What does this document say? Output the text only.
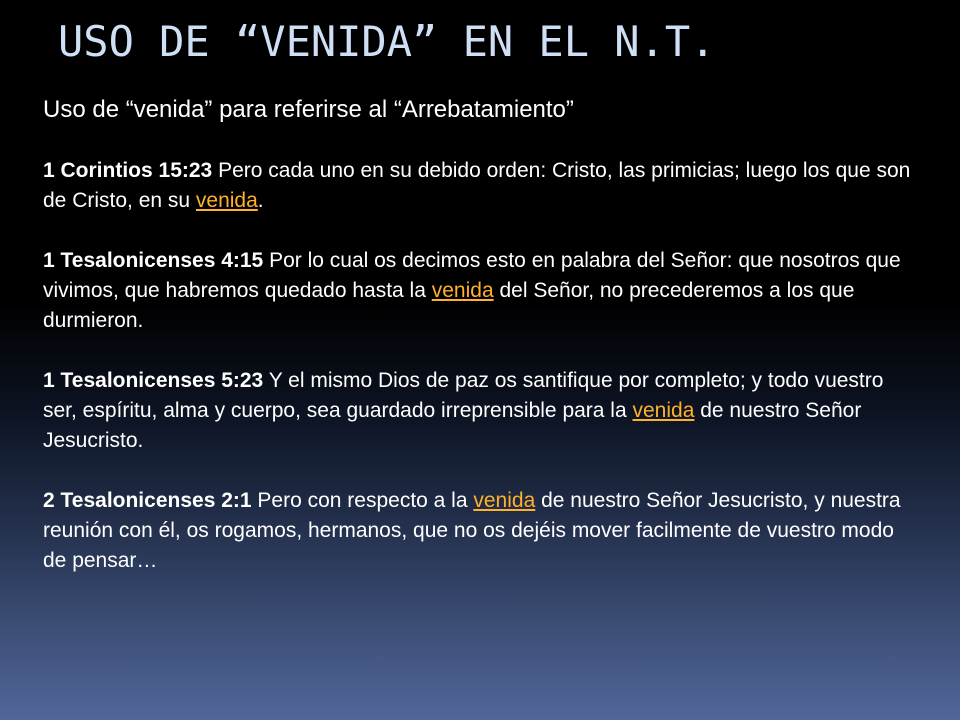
USO DE “VENIDA” EN EL N.T.

Uso de “venida” para referirse al “Arrebatamiento”

1 Corintios 15:23 Pero cada uno en su debido orden: Cristo, las primicias; luego los que son de Cristo, en su venida.

1 Tesalonicenses 4:15 Por lo cual os decimos esto en palabra del Señor: que nosotros que vivimos, que habremos quedado hasta la venida del Señor, no precederemos a los que durmieron.

1 Tesalonicenses 5:23 Y el mismo Dios de paz os santifique por completo; y todo vuestro ser, espíritu, alma y cuerpo, sea guardado irreprensible para la venida de nuestro Señor Jesucristo.

2 Tesalonicenses 2:1 Pero con respecto a la venida de nuestro Señor Jesucristo, y nuestra reunión con él, os rogamos, hermanos, que no os dejéis mover facilmente de vuestro modo de pensar…
